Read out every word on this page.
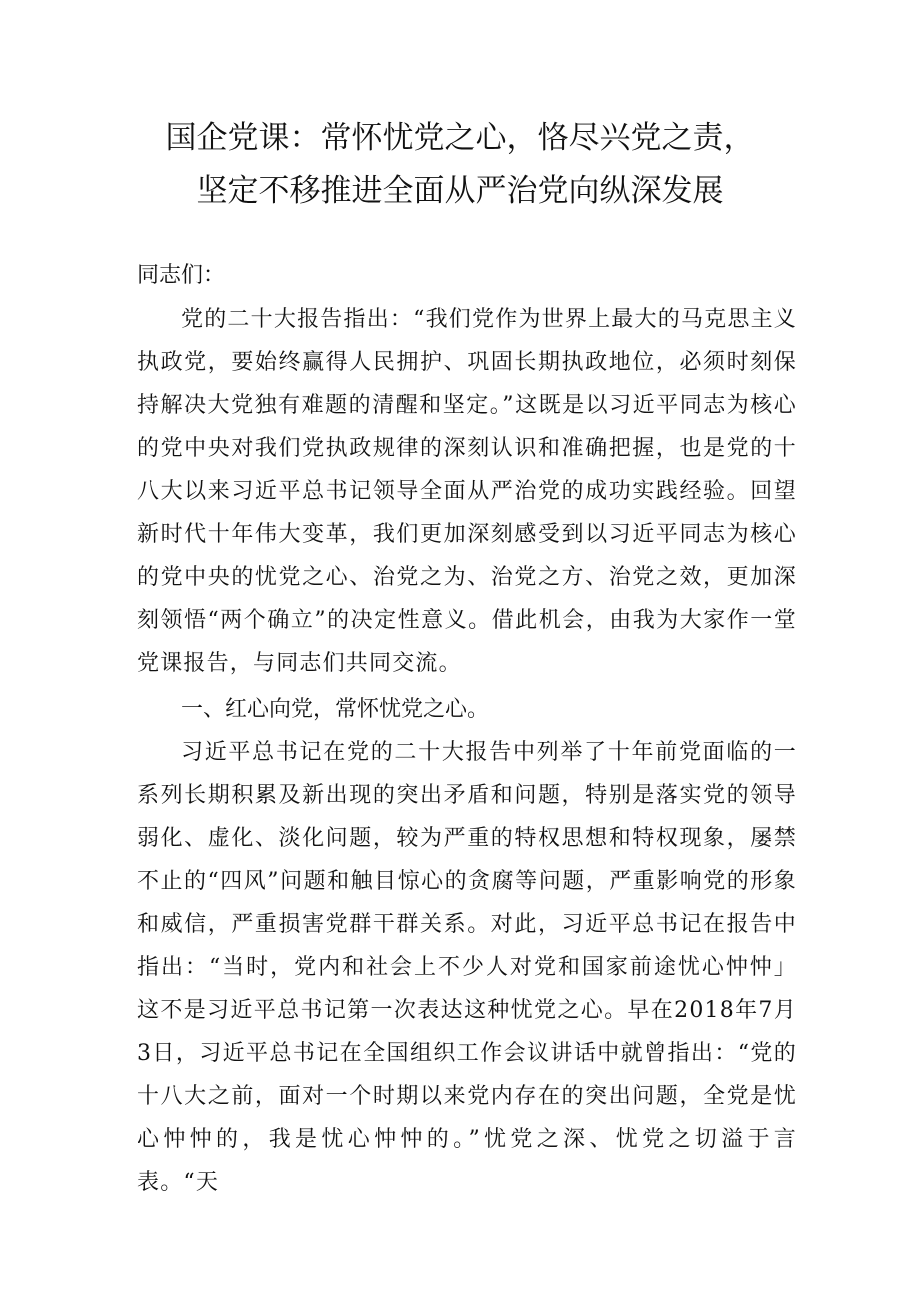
国企党课：常怀忧党之心，恪尽兴党之责，
坚定不移推进全面从严治党向纵深发展

同志们：

党的二十大报告指出：“我们党作为世界上最大的马克思主义执政党，要始终赢得人民拥护、巩固长期执政地位，必须时刻保持解决大党独有难题的清醒和坚定。”这既是以习近平同志为核心的党中央对我们党执政规律的深刻认识和准确把握，也是党的十八大以来习近平总书记领导全面从严治党的成功实践经验。回望新时代十年伟大变革，我们更加深刻感受到以习近平同志为核心的党中央的忧党之心、治党之为、治党之方、治党之效，更加深刻领悟“两个确立”的决定性意义。借此机会，由我为大家作一堂党课报告，与同志们共同交流。

一、红心向党，常怀忧党之心。

习近平总书记在党的二十大报告中列举了十年前党面临的一系列长期积累及新出现的突出矛盾和问题，特别是落实党的领导弱化、虚化、淡化问题，较为严重的特权思想和特权现象，屡禁不止的“四风”问题和触目惊心的贪腐等问题，严重影响党的形象和威信，严重损害党群干群关系。对此，习近平总书记在报告中指出：“当时，党内和社会上不少人对党和国家前途忧心忡忡」这不是习近平总书记第一次表达这种忧党之心。早在2018年7月3日，习近平总书记在全国组织工作会议讲话中就曾指出：“党的十八大之前，面对一个时期以来党内存在的突出问题，全党是忧心忡忡的，我是忧心忡忡的。”忧党之深、忧党之切溢于言表。“天
